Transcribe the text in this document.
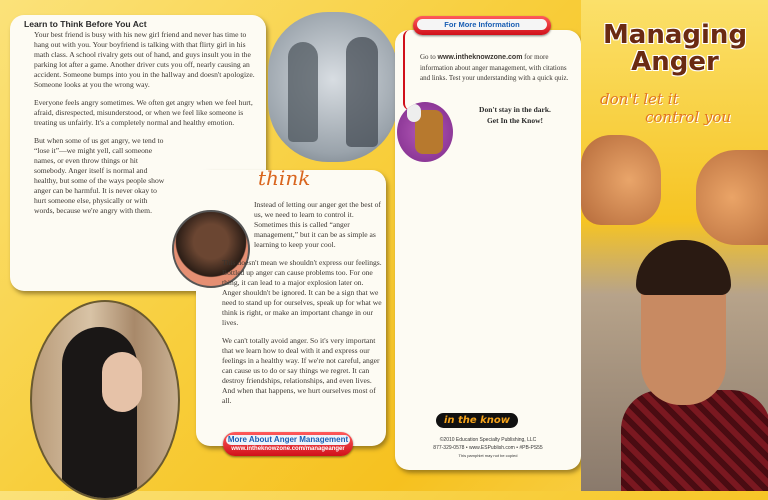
Learn to Think Before You Act

Your best friend is busy with his new girl friend and never has time to hang out with you. Your boyfriend is talking with that flirty girl in his math class. A school rivalry gets out of hand, and guys insult you in the parking lot after a game. Another driver cuts you off, nearly causing an accident. Someone bumps into you in the hallway and doesn't apologize. Someone looks at you the wrong way.

Everyone feels angry sometimes. We often get angry when we feel hurt, afraid, disrespected, misunderstood, or when we feel like someone is treating us unfairly. It's a completely normal and healthy emotion.

But when some of us get angry, we tend to “lose it”—we might yell, call someone names, or even throw things or hit somebody. Anger itself is normal and healthy, but some of the ways people show anger can be harmful. It is never okay to hurt someone else, physically or with words, because we're angry with them.

think

Instead of letting our anger get the best of us, we need to learn to control it. Sometimes this is called “anger management,” but it can be as simple as learning to keep your cool.

This doesn't mean we shouldn't express our feelings. Bottled up anger can cause problems too. For one thing, it can lead to a major explosion later on. Anger shouldn't be ignored. It can be a sign that we need to stand up for ourselves, speak up for what we think is right, or make an important change in our lives.

We can't totally avoid anger. So it's very important that we learn how to deal with it and express our feelings in a healthy way. If we're not careful, anger can cause us to do or say things we regret. It can destroy friendships, relationships, and even lives. And when that happens, we hurt ourselves most of all.

More About Anger Management
www.intheknowzone.com/manageanger
For More Information
Go to www.intheknowzone.com for more information about anger management, with citations and links. Test your understanding with a quick quiz.
Don't stay in the dark.
Get In the Know!
in the know
©2010 Education Specialty Publishing, LLC
877-329-0578 • www.ESPublish.com • #PB-PS55
This pamphlet may not be copied
Managing
Anger
don't let it
control you
